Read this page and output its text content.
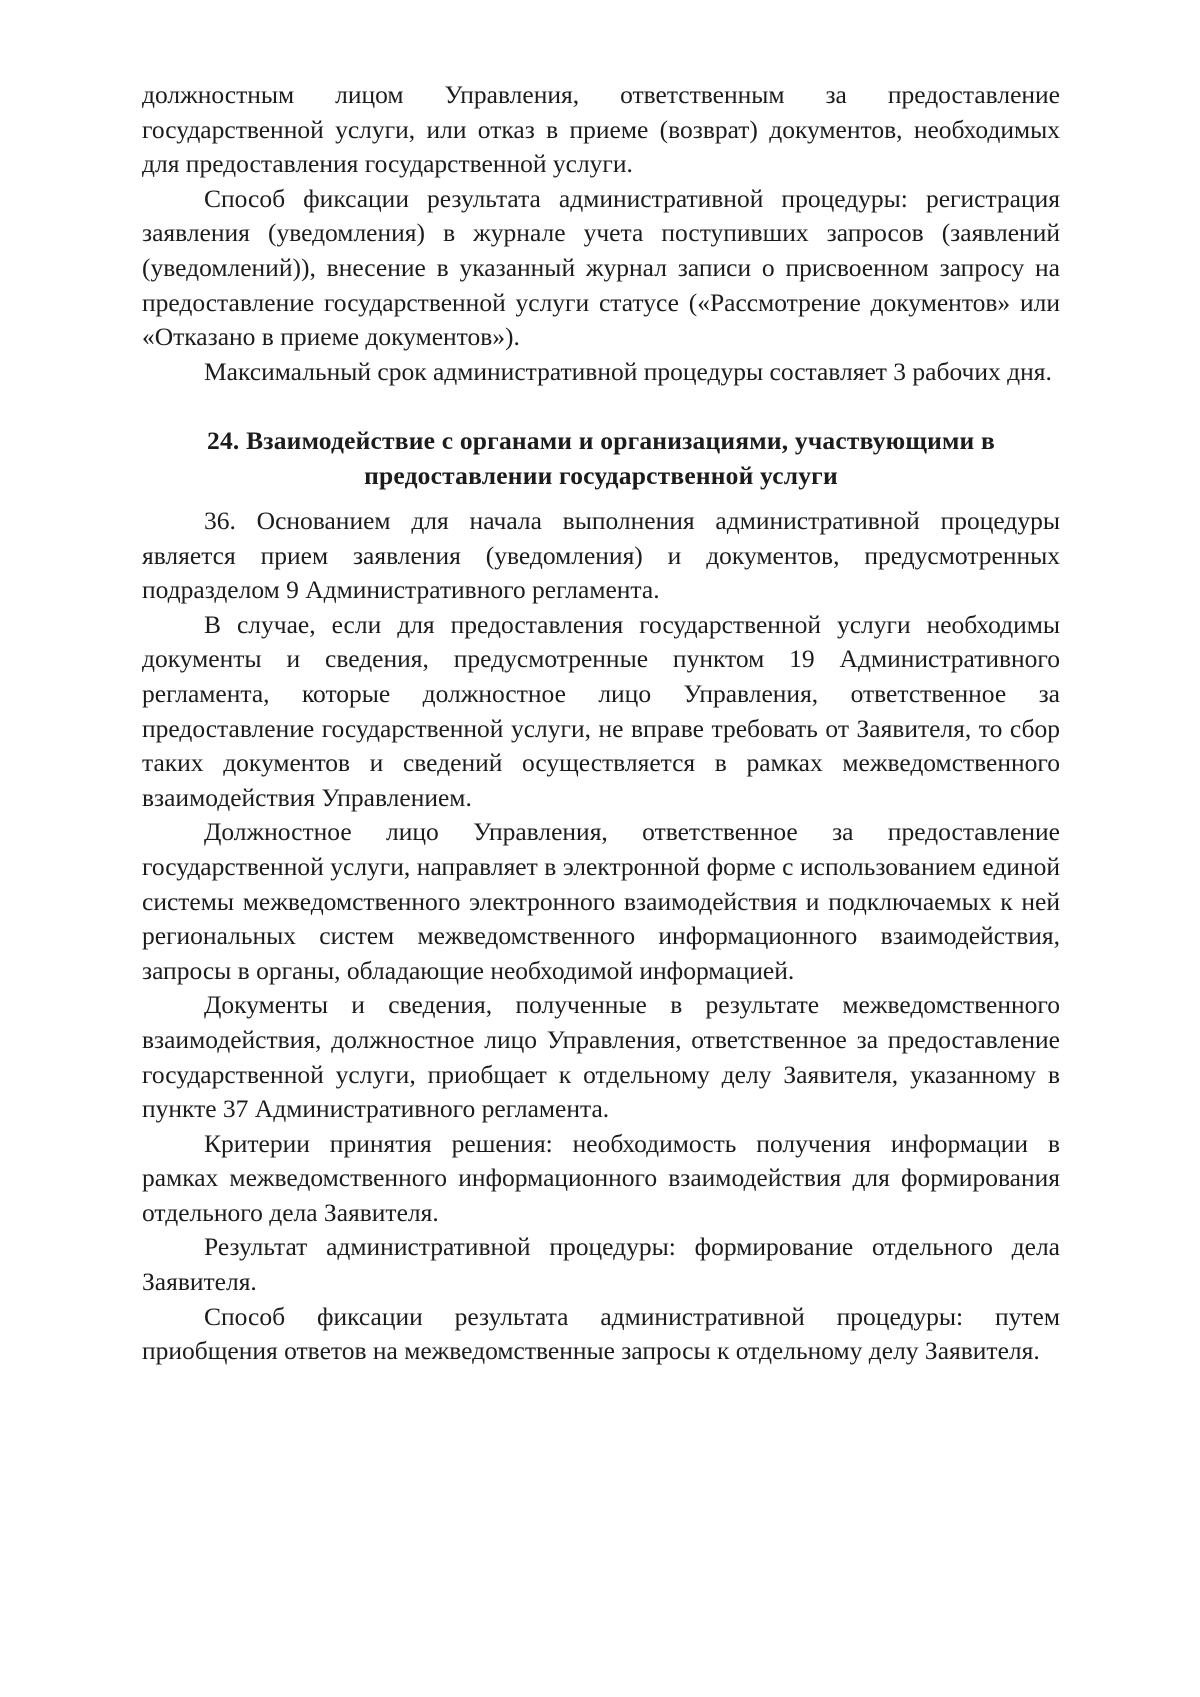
должностным лицом Управления, ответственным за предоставление государственной услуги, или отказ в приеме (возврат) документов, необходимых для предоставления государственной услуги.

Способ фиксации результата административной процедуры: регистрация заявления (уведомления) в журнале учета поступивших запросов (заявлений (уведомлений)), внесение в указанный журнал записи о присвоенном запросу на предоставление государственной услуги статусе («Рассмотрение документов» или «Отказано в приеме документов»).

Максимальный срок административной процедуры составляет 3 рабочих дня.

24. Взаимодействие с органами и организациями, участвующими в

предоставлении государственной услуги

36. Основанием для начала выполнения административной процедуры является прием заявления (уведомления) и документов, предусмотренных подразделом 9 Административного регламента.

В случае, если для предоставления государственной услуги необходимы документы и сведения, предусмотренные пунктом 19 Административного регламента, которые должностное лицо Управления, ответственное за предоставление государственной услуги, не вправе требовать от Заявителя, то сбор таких документов и сведений осуществляется в рамках межведомственного взаимодействия Управлением.

Должностное лицо Управления, ответственное за предоставление государственной услуги, направляет в электронной форме с использованием единой системы межведомственного электронного взаимодействия и подключаемых к ней региональных систем межведомственного информационного взаимодействия, запросы в органы, обладающие необходимой информацией.

Документы и сведения, полученные в результате межведомственного взаимодействия, должностное лицо Управления, ответственное за предоставление государственной услуги, приобщает к отдельному делу Заявителя, указанному в пункте 37 Административного регламента.

Критерии принятия решения: необходимость получения информации в рамках межведомственного информационного взаимодействия для формирования отдельного дела Заявителя.

Результат административной процедуры: формирование отдельного дела Заявителя.

Способ фиксации результата административной процедуры: путем приобщения ответов на межведомственные запросы к отдельному делу Заявителя.
